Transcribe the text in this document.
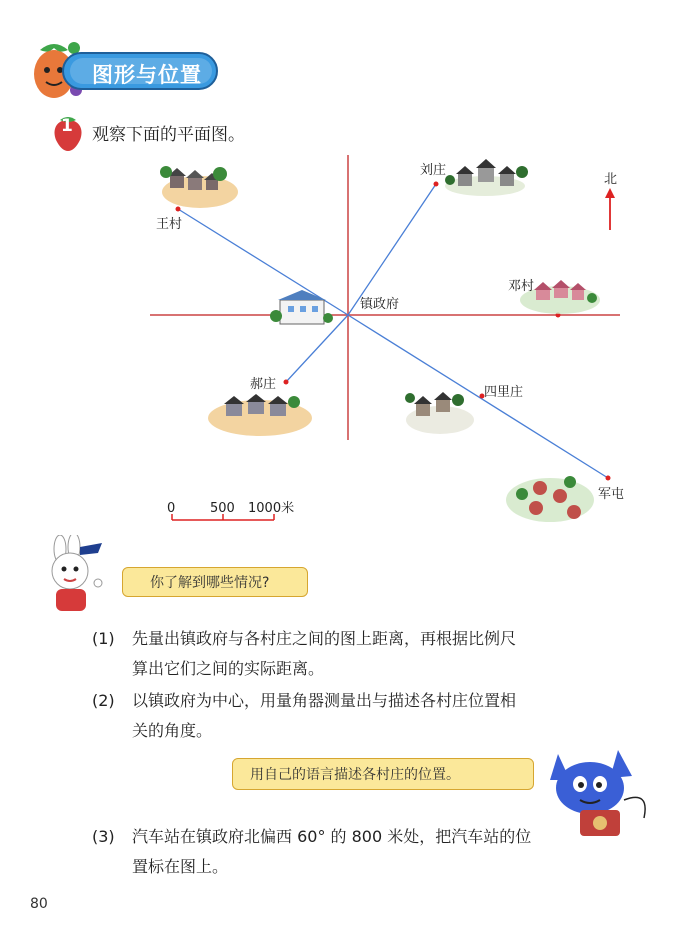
图形与位置
1 观察下面的平面图。
北
镇政府
刘庄
王村
邓村
郝庄
四里庄
军屯
0	500 1000米
你了解到哪些情况?
(1) 先量出镇政府与各村庄之间的图上距离，再根据比例尺
算出它们之间的实际距离。
(2) 以镇政府为中心，用量角器测量出与描述各村庄位置相
关的角度。
用自己的语言描述各村庄的位置。
(3) 汽车站在镇政府北偏西 60° 的 800 米处，把汽车站的位
置标在图上。
80
